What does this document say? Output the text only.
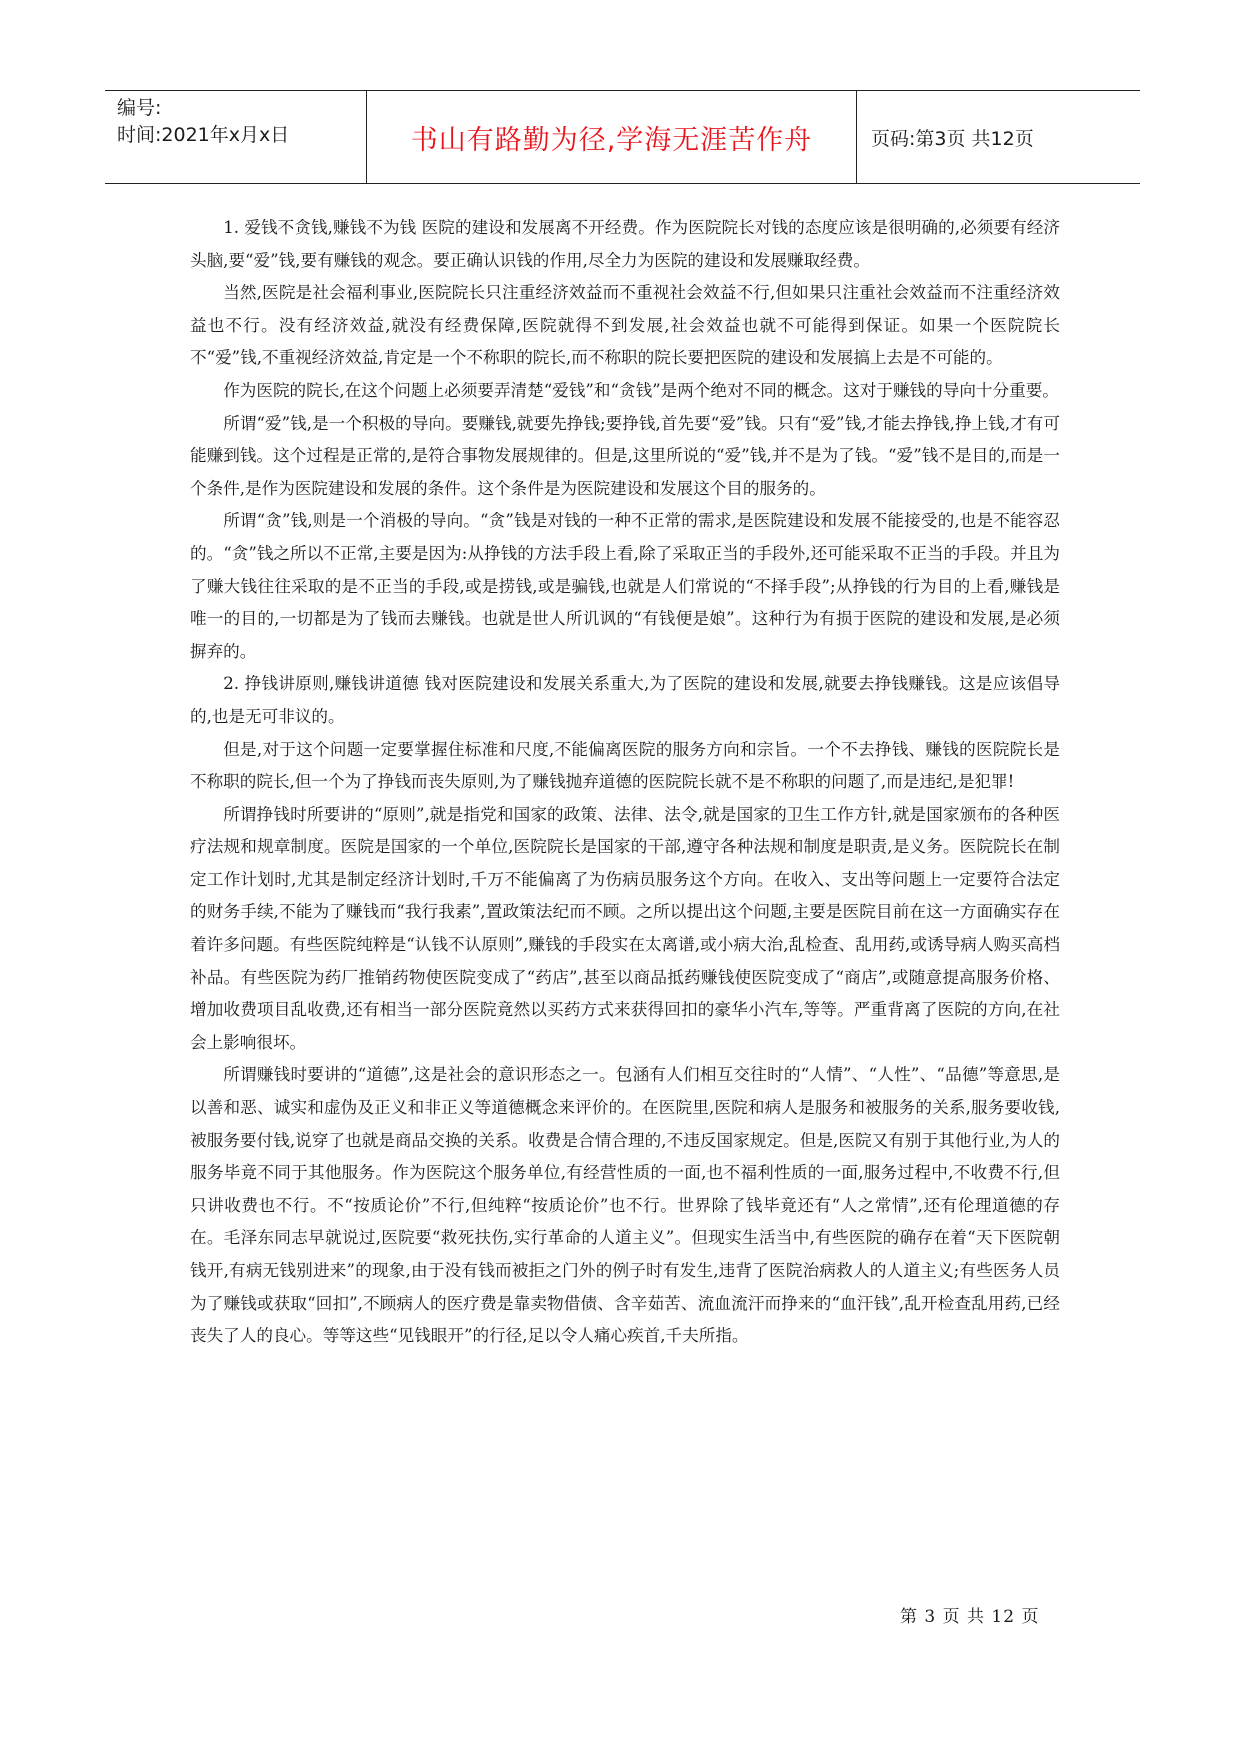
编号:
时间:2021年x月x日	书山有路勤为径,学海无涯苦作舟	页码:第3页 共12页

1. 爱钱不贪钱,赚钱不为钱 医院的建设和发展离不开经费。作为医院院长对钱的态度应该是很明确的,必须要有经济头脑,要“爱”钱,要有赚钱的观念。要正确认识钱的作用,尽全力为医院的建设和发展赚取经费。

当然,医院是社会福利事业,医院院长只注重经济效益而不重视社会效益不行,但如果只注重社会效益而不注重经济效益也不行。没有经济效益,就没有经费保障,医院就得不到发展,社会效益也就不可能得到保证。如果一个医院院长不“爱”钱,不重视经济效益,肯定是一个不称职的院长,而不称职的院长要把医院的建设和发展搞上去是不可能的。

作为医院的院长,在这个问题上必须要弄清楚“爱钱”和“贪钱”是两个绝对不同的概念。这对于赚钱的导向十分重要。

所谓“爱”钱,是一个积极的导向。要赚钱,就要先挣钱;要挣钱,首先要“爱”钱。只有“爱”钱,才能去挣钱,挣上钱,才有可能赚到钱。这个过程是正常的,是符合事物发展规律的。但是,这里所说的“爱”钱,并不是为了钱。“爱”钱不是目的,而是一个条件,是作为医院建设和发展的条件。这个条件是为医院建设和发展这个目的服务的。

所谓“贪”钱,则是一个消极的导向。“贪”钱是对钱的一种不正常的需求,是医院建设和发展不能接受的,也是不能容忍的。“贪”钱之所以不正常,主要是因为:从挣钱的方法手段上看,除了采取正当的手段外,还可能采取不正当的手段。并且为了赚大钱往往采取的是不正当的手段,或是捞钱,或是骗钱,也就是人们常说的“不择手段”;从挣钱的行为目的上看,赚钱是唯一的目的,一切都是为了钱而去赚钱。也就是世人所讥讽的“有钱便是娘”。这种行为有损于医院的建设和发展,是必须摒弃的。

2. 挣钱讲原则,赚钱讲道德 钱对医院建设和发展关系重大,为了医院的建设和发展,就要去挣钱赚钱。这是应该倡导的,也是无可非议的。

但是,对于这个问题一定要掌握住标准和尺度,不能偏离医院的服务方向和宗旨。一个不去挣钱、赚钱的医院院长是不称职的院长,但一个为了挣钱而丧失原则,为了赚钱抛弃道德的医院院长就不是不称职的问题了,而是违纪,是犯罪!

所谓挣钱时所要讲的“原则”,就是指党和国家的政策、法律、法令,就是国家的卫生工作方针,就是国家颁布的各种医疗法规和规章制度。医院是国家的一个单位,医院院长是国家的干部,遵守各种法规和制度是职责,是义务。医院院长在制定工作计划时,尤其是制定经济计划时,千万不能偏离了为伤病员服务这个方向。在收入、支出等问题上一定要符合法定的财务手续,不能为了赚钱而“我行我素”,置政策法纪而不顾。之所以提出这个问题,主要是医院目前在这一方面确实存在着许多问题。有些医院纯粹是“认钱不认原则”,赚钱的手段实在太离谱,或小病大治,乱检查、乱用药,或诱导病人购买高档补品。有些医院为药厂推销药物使医院变成了“药店”,甚至以商品抵药赚钱使医院变成了“商店”,或随意提高服务价格、增加收费项目乱收费,还有相当一部分医院竟然以买药方式来获得回扣的豪华小汽车,等等。严重背离了医院的方向,在社会上影响很坏。

所谓赚钱时要讲的“道德”,这是社会的意识形态之一。包涵有人们相互交往时的“人情”、“人性”、“品德”等意思,是以善和恶、诚实和虚伪及正义和非正义等道德概念来评价的。在医院里,医院和病人是服务和被服务的关系,服务要收钱,被服务要付钱,说穿了也就是商品交换的关系。收费是合情合理的,不违反国家规定。但是,医院又有别于其他行业,为人的服务毕竟不同于其他服务。作为医院这个服务单位,有经营性质的一面,也不福利性质的一面,服务过程中,不收费不行,但只讲收费也不行。不“按质论价”不行,但纯粹“按质论价”也不行。世界除了钱毕竟还有“人之常情”,还有伦理道德的存在。毛泽东同志早就说过,医院要“救死扶伤,实行革命的人道主义”。但现实生活当中,有些医院的确存在着“天下医院朝钱开,有病无钱别进来”的现象,由于没有钱而被拒之门外的例子时有发生,违背了医院治病救人的人道主义;有些医务人员为了赚钱或获取“回扣”,不顾病人的医疗费是靠卖物借债、含辛茹苦、流血流汗而挣来的“血汗钱”,乱开检查乱用药,已经丧失了人的良心。等等这些“见钱眼开”的行径,足以令人痛心疾首,千夫所指。

第 3 页 共 12 页
